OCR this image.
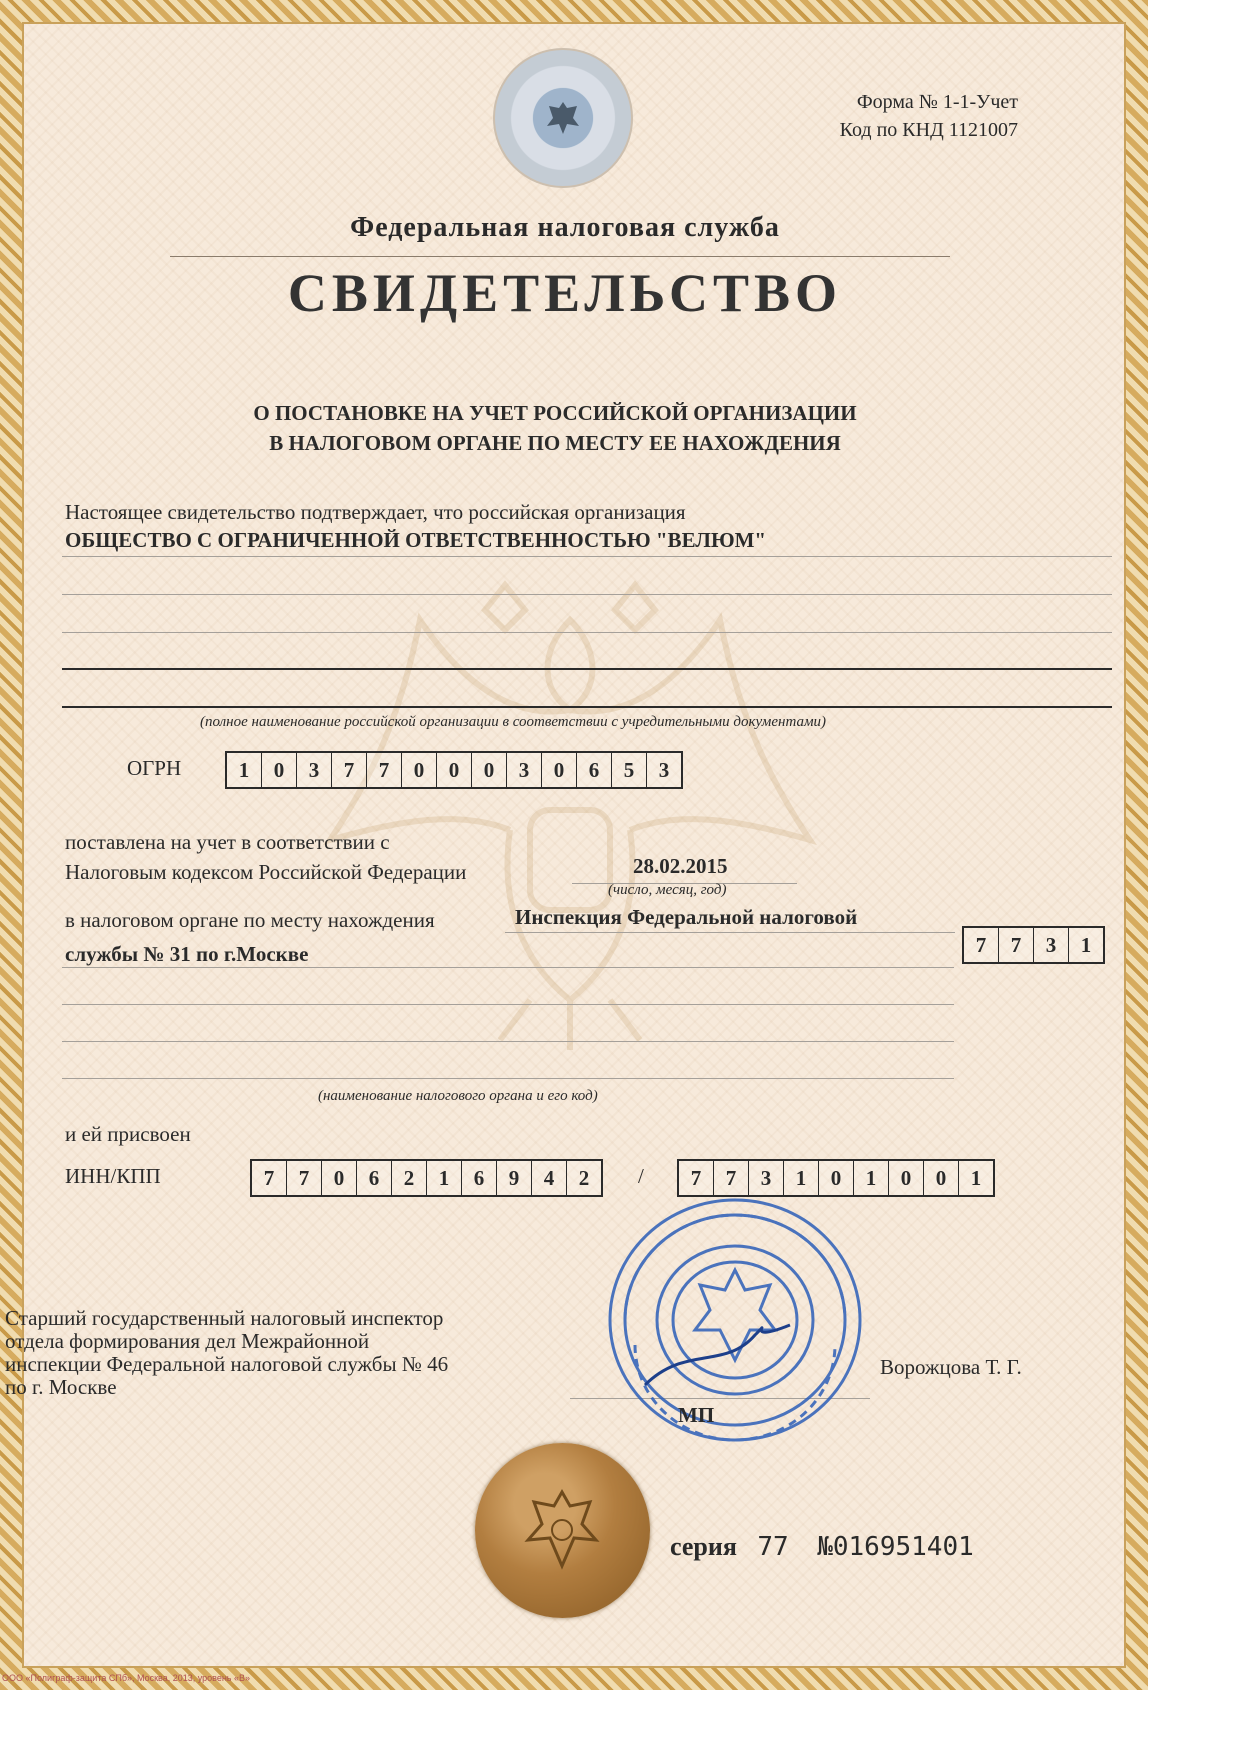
Форма № 1-1-Учет
Код по КНД 1121007
Федеральная налоговая служба
СВИДЕТЕЛЬСТВО
О ПОСТАНОВКЕ НА УЧЕТ РОССИЙСКОЙ ОРГАНИЗАЦИИ
В НАЛОГОВОМ ОРГАНЕ ПО МЕСТУ ЕЕ НАХОЖДЕНИЯ
Настоящее свидетельство подтверждает, что российская организация
ОБЩЕСТВО С ОГРАНИЧЕННОЙ ОТВЕТСТВЕННОСТЬЮ "ВЕЛЮМ"
(полное наименование российской организации в соответствии с учредительными документами)
ОГРН	1	0	3	7	7	0	0	0	3	0	6	5	3
поставлена на учет в соответствии с
Налоговым кодексом Российской Федерации	28.02.2015
(число, месяц, год)
в налоговом органе по месту нахождения	Инспекция Федеральной налоговой
службы № 31 по г.Москве	7	7	3	1
(наименование налогового органа и его код)
и ей присвоен
ИНН/КПП	7	7	0	6	2	1	6	9	4	2	/	7	7	3	1	0	1	0	0	1
Старший государственный налоговый инспектор
отдела формирования дел Межрайонной
инспекции Федеральной налоговой службы № 46
по г. Москве
Ворожцова Т. Г.
МП
серия 77 №016951401
ООО «Полиграф-защита СПб», Москва, 2013, уровень «В»
